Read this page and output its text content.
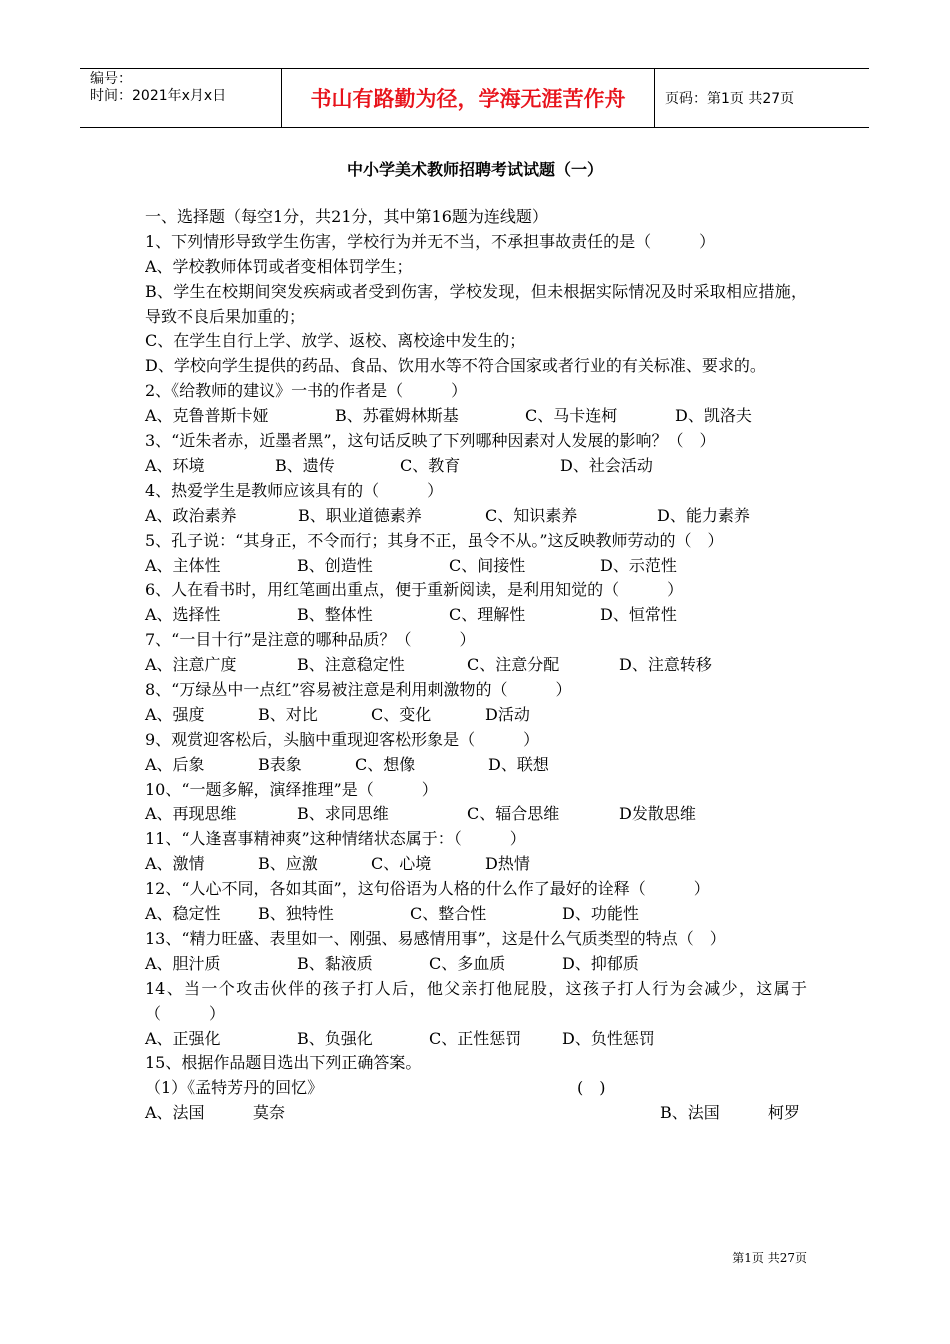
编号：
时间：2021年x月x日	书山有路勤为径，学海无涯苦作舟	页码：第1页 共27页
中小学美术教师招聘考试试题（一）
一、选择题（每空1分，共21分，其中第16题为连线题）
1、下列情形导致学生伤害，学校行为并无不当，不承担事故责任的是（　　　）
A、学校教师体罚或者变相体罚学生；
B、学生在校期间突发疾病或者受到伤害，学校发现，但未根据实际情况及时采取相应措施，导致不良后果加重的；
C、在学生自行上学、放学、返校、离校途中发生的；
D、学校向学生提供的药品、食品、饮用水等不符合国家或者行业的有关标准、要求的。
2、《给教师的建议》一书的作者是（　　　）
A、克鲁普斯卡娅	B、苏霍姆林斯基	C、马卡连柯	D、凯洛夫
3、“近朱者赤，近墨者黑”，这句话反映了下列哪种因素对人发展的影响？（　）
A、环境	B、遗传	C、教育	D、社会活动
4、热爱学生是教师应该具有的（　　　）
A、政治素养	B、职业道德素养	C、知识素养	D、能力素养
5、孔子说：“其身正，不令而行；其身不正，虽令不从。”这反映教师劳动的（　）
A、主体性	B、创造性	C、间接性	D、示范性
6、人在看书时，用红笔画出重点，便于重新阅读，是利用知觉的（　　　）
A、选择性	B、整体性	C、理解性	D、恒常性
7、“一目十行”是注意的哪种品质？（　　　）
A、注意广度	B、注意稳定性	C、注意分配	D、注意转移
8、“万绿丛中一点红”容易被注意是利用刺激物的（　　　）
A、强度	B、对比	C、变化	D活动
9、观赏迎客松后，头脑中重现迎客松形象是（　　　）
A、后象	B表象	C、想像	D、联想
10、“一题多解，演绎推理”是（　　　）
A、再现思维	B、求同思维	C、辐合思维	D发散思维
11、“人逢喜事精神爽”这种情绪状态属于：（　　　）
A、激情	B、应激	C、心境	D热情
12、“人心不同，各如其面”，这句俗语为人格的什么作了最好的诠释（　　　）
A、稳定性 B、独特性	C、整合性	D、功能性
13、“精力旺盛、表里如一、刚强、易感情用事”，这是什么气质类型的特点（　）
A、胆汁质	B、黏液质	C、多血质	D、抑郁质
14、当一个攻击伙伴的孩子打人后，他父亲打他屁股，这孩子打人行为会减少，这属于（　　　）
A、正强化	B、负强化	C、正性惩罚	D、负性惩罚
15、根据作品题目选出下列正确答案。
（1）《孟特芳丹的回忆》	(　)
A、法国	莫奈	B、法国	柯罗
第1页 共27页
